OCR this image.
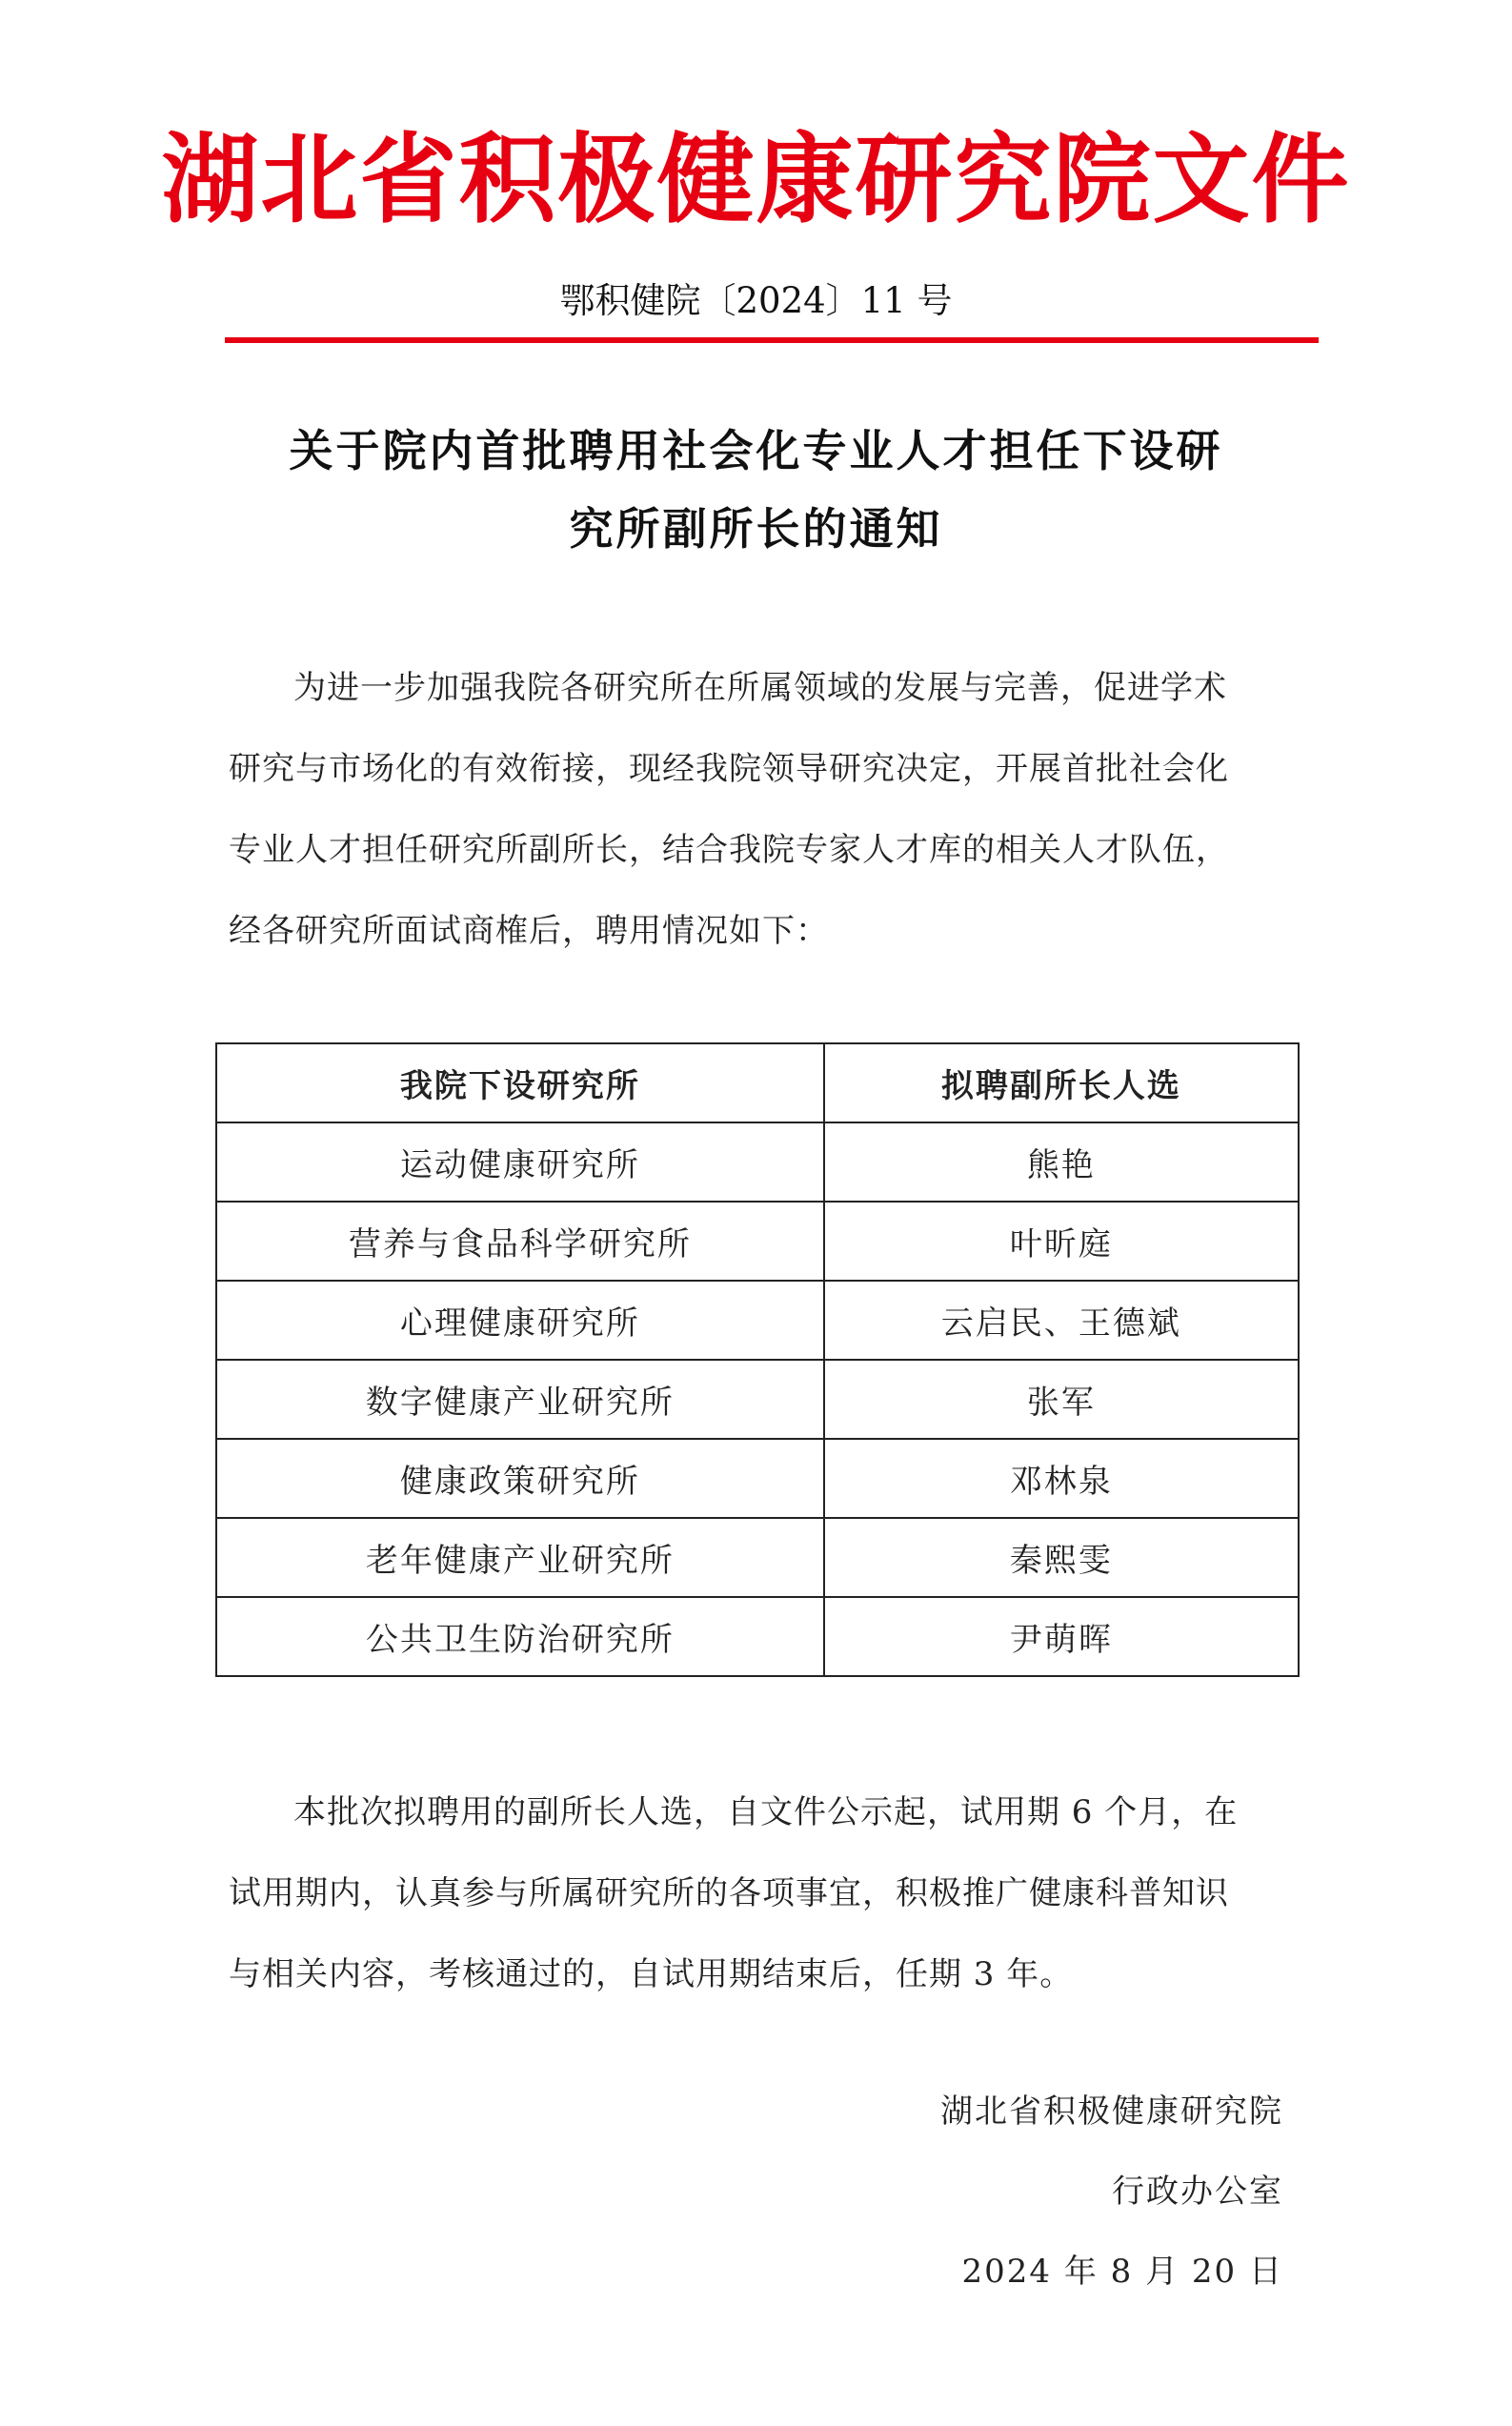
湖北省积极健康研究院文件
鄂积健院〔2024〕11 号
关于院内首批聘用社会化专业人才担任下设研
究所副所长的通知
为进一步加强我院各研究所在所属领域的发展与完善，促进学术
研究与市场化的有效衔接，现经我院领导研究决定，开展首批社会化
专业人才担任研究所副所长，结合我院专家人才库的相关人才队伍，
经各研究所面试商榷后，聘用情况如下：
我院下设研究所	拟聘副所长人选
运动健康研究所	熊艳
营养与食品科学研究所	叶昕庭
心理健康研究所	云启民、王德斌
数字健康产业研究所	张军
健康政策研究所	邓林泉
老年健康产业研究所	秦熙雯
公共卫生防治研究所	尹萌晖
本批次拟聘用的副所长人选，自文件公示起，试用期 6 个月，在
试用期内，认真参与所属研究所的各项事宜，积极推广健康科普知识
与相关内容，考核通过的，自试用期结束后，任期 3 年。
湖北省积极健康研究院
行政办公室
2024 年 8 月 20 日
